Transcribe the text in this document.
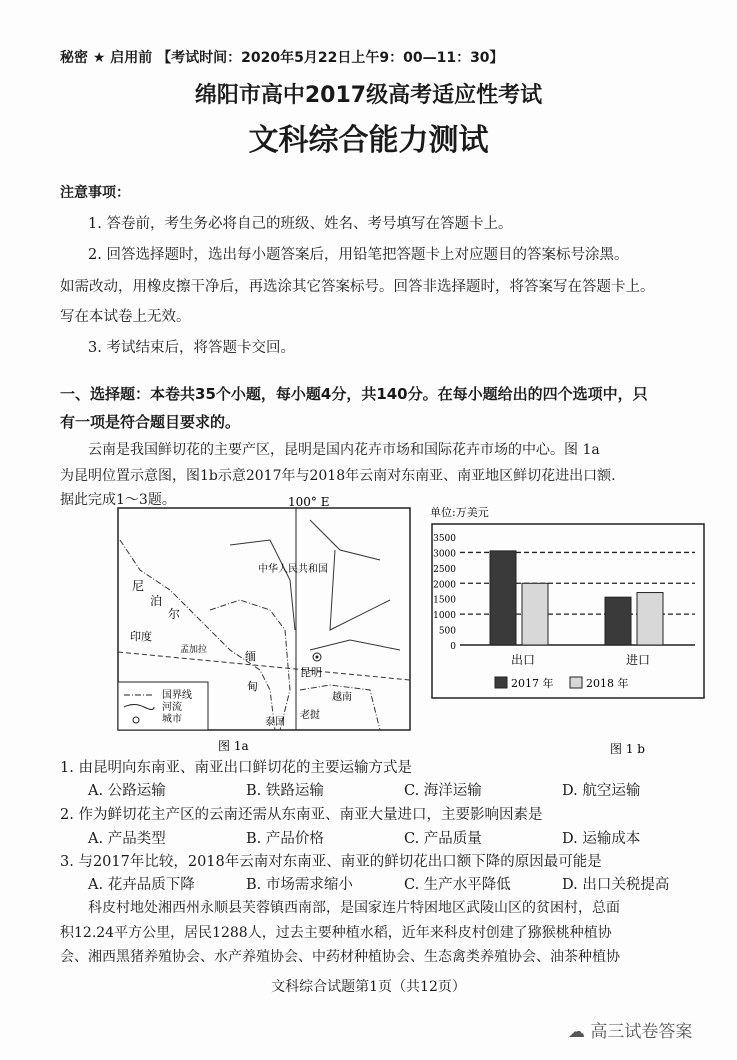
秘密 ★ 启用前 【考试时间：2020年5月22日上午9：00—11：30】
绵阳市高中2017级高考适应性考试
文科综合能力测试
注意事项：
1. 答卷前，考生务必将自己的班级、姓名、考号填写在答题卡上。
2. 回答选择题时，选出每小题答案后，用铅笔把答题卡上对应题目的答案标号涂黑。
如需改动，用橡皮擦干净后，再选涂其它答案标号。回答非选择题时，将答案写在答题卡上。
写在本试卷上无效。
3. 考试结束后，将答题卡交回。
一、选择题：本卷共35个小题，每小题4分，共140分。在每小题给出的四个选项中，只
有一项是符合题目要求的。
云南是我国鲜切花的主要产区，昆明是国内花卉市场和国际花卉市场的中心。图 1a
为昆明位置示意图，图1b示意2017年与2018年云南对东南亚、南亚地区鲜切花进出口额.
据此完成1～3题。	100° E
中华人民共和国
尼
泊
尔
印度
孟加拉	缅
甸
昆明
越南
老挝
泰国
国界线
河流
城市
图 1a
单位:万美元
0
500
1000
1500
2000
2500
3000
3500
出口	进口
2017 年	2018 年
图 1 b
1. 由昆明向东南亚、南亚出口鲜切花的主要运输方式是
A. 公路运输	B. 铁路运输	C. 海洋运输	D. 航空运输
2. 作为鲜切花主产区的云南还需从东南亚、南亚大量进口，主要影响因素是
A. 产品类型	B. 产品价格	C. 产品质量	D. 运输成本
3. 与2017年比较，2018年云南对东南亚、南亚的鲜切花出口额下降的原因最可能是
A. 花卉品质下降	B. 市场需求缩小	C. 生产水平降低	D. 出口关税提高
科皮村地处湘西州永顺县芙蓉镇西南部，是国家连片特困地区武陵山区的贫困村，总面
积12.24平方公里，居民1288人，过去主要种植水稻，近年来科皮村创建了猕猴桃种植协
会、湘西黑猪养殖协会、水产养殖协会、中药材种植协会、生态禽类养殖协会、油茶种植协
文科综合试题第1页（共12页）
☁ 高三试卷答案
